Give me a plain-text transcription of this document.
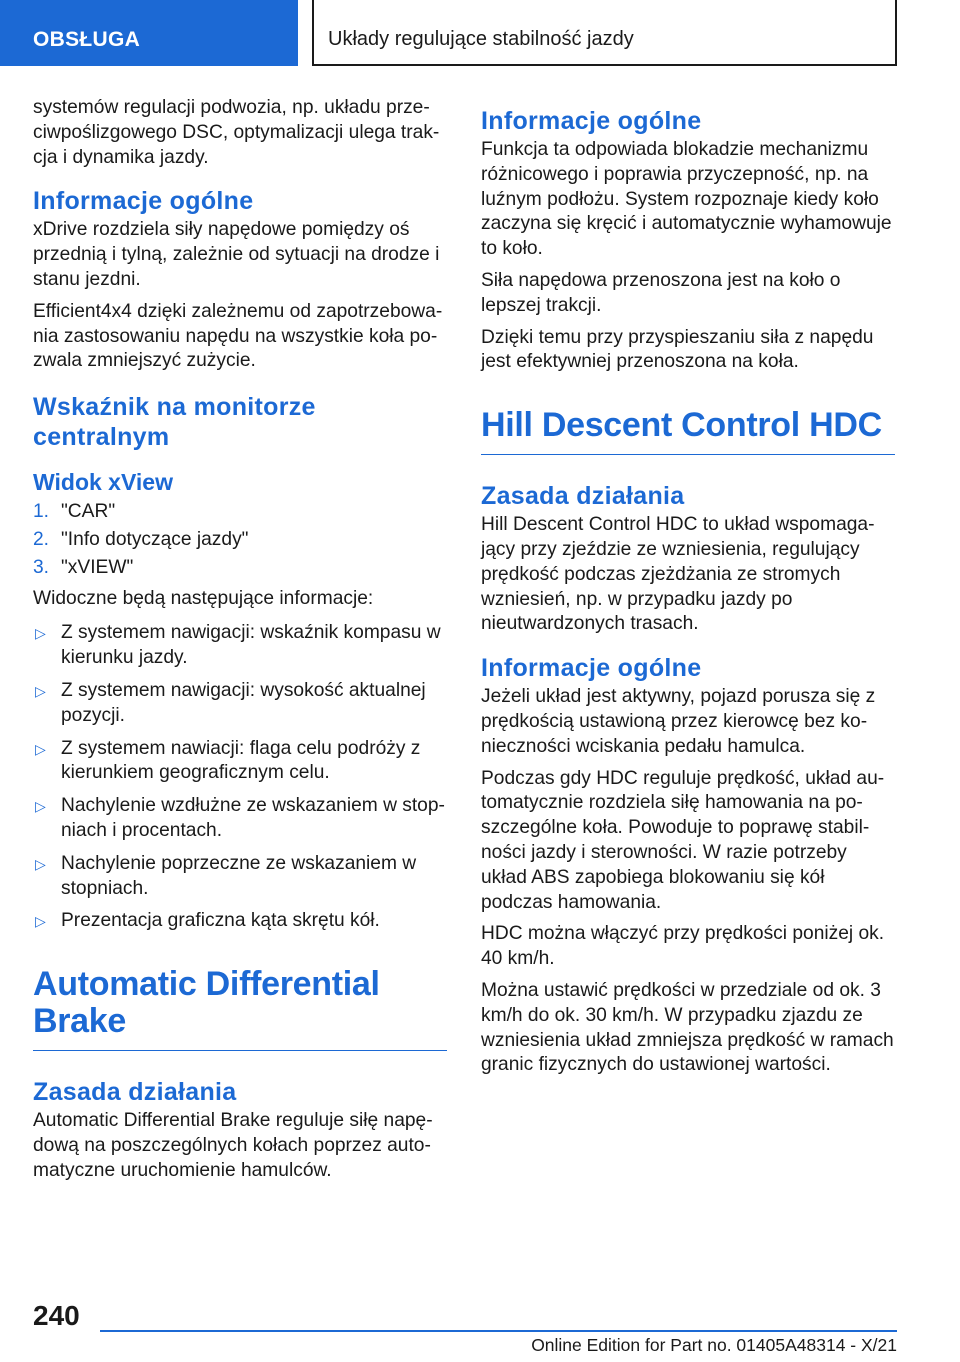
OBSŁUGA	Układy regulujące stabilność jazdy

systemów regulacji podwozia, np. układu przeciwpoślizgowego DSC, optymalizacji ulega trakcja i dynamika jazdy.

Informacje ogólne

xDrive rozdziela siły napędowe pomiędzy oś przednią i tylną, zależnie od sytuacji na drodze i stanu jezdni.

Efficient4x4 dzięki zależnemu od zapotrzebowania zastosowaniu napędu na wszystkie koła pozwala zmniejszyć zużycie.

Wskaźnik na monitorze centralnym
Widok xView
1. "CAR"
2. "Info dotyczące jazdy"
3. "xVIEW"

Widoczne będą następujące informacje:

▷ Z systemem nawigacji: wskaźnik kompasu w kierunku jazdy.
▷ Z systemem nawigacji: wysokość aktualnej pozycji.
▷ Z systemem nawiacji: flaga celu podróży z kierunkiem geograficznym celu.
▷ Nachylenie wzdłużne ze wskazaniem w stopniach i procentach.
▷ Nachylenie poprzeczne ze wskazaniem w stopniach.
▷ Prezentacja graficzna kąta skrętu kół.
Automatic Differential Brake
Zasada działania

Automatic Differential Brake reguluje siłę napędową na poszczególnych kołach poprzez automatyczne uruchomienie hamulców.

Informacje ogólne

Funkcja ta odpowiada blokadzie mechanizmu różnicowego i poprawia przyczepność, np. na luźnym podłożu. System rozpoznaje kiedy koło zaczyna się kręcić i automatycznie wyhamowuje to koło.

Siła napędowa przenoszona jest na koło o lepszej trakcji.

Dzięki temu przy przyspieszaniu siła z napędu jest efektywniej przenoszona na koła.

Hill Descent Control HDC
Zasada działania

Hill Descent Control HDC to układ wspomagający przy zjeździe ze wzniesienia, regulujący prędkość podczas zjeżdżania ze stromych wzniesień, np. w przypadku jazdy po nieutwardzonych trasach.

Informacje ogólne

Jeżeli układ jest aktywny, pojazd porusza się z prędkością ustawioną przez kierowcę bez konieczności wciskania pedału hamulca.

Podczas gdy HDC reguluje prędkość, układ automatycznie rozdziela siłę hamowania na poszczególne koła. Powoduje to poprawę stabilności jazdy i sterowności. W razie potrzeby układ ABS zapobiega blokowaniu się kół podczas hamowania.

HDC można włączyć przy prędkości poniżej ok. 40 km/h.

Można ustawić prędkości w przedziale od ok. 3 km/h do ok. 30 km/h. W przypadku zjazdu ze wzniesienia układ zmniejsza prędkość w ramach granic fizycznych do ustawionej wartości.

240
Online Edition for Part no. 01405A48314 - X/21
